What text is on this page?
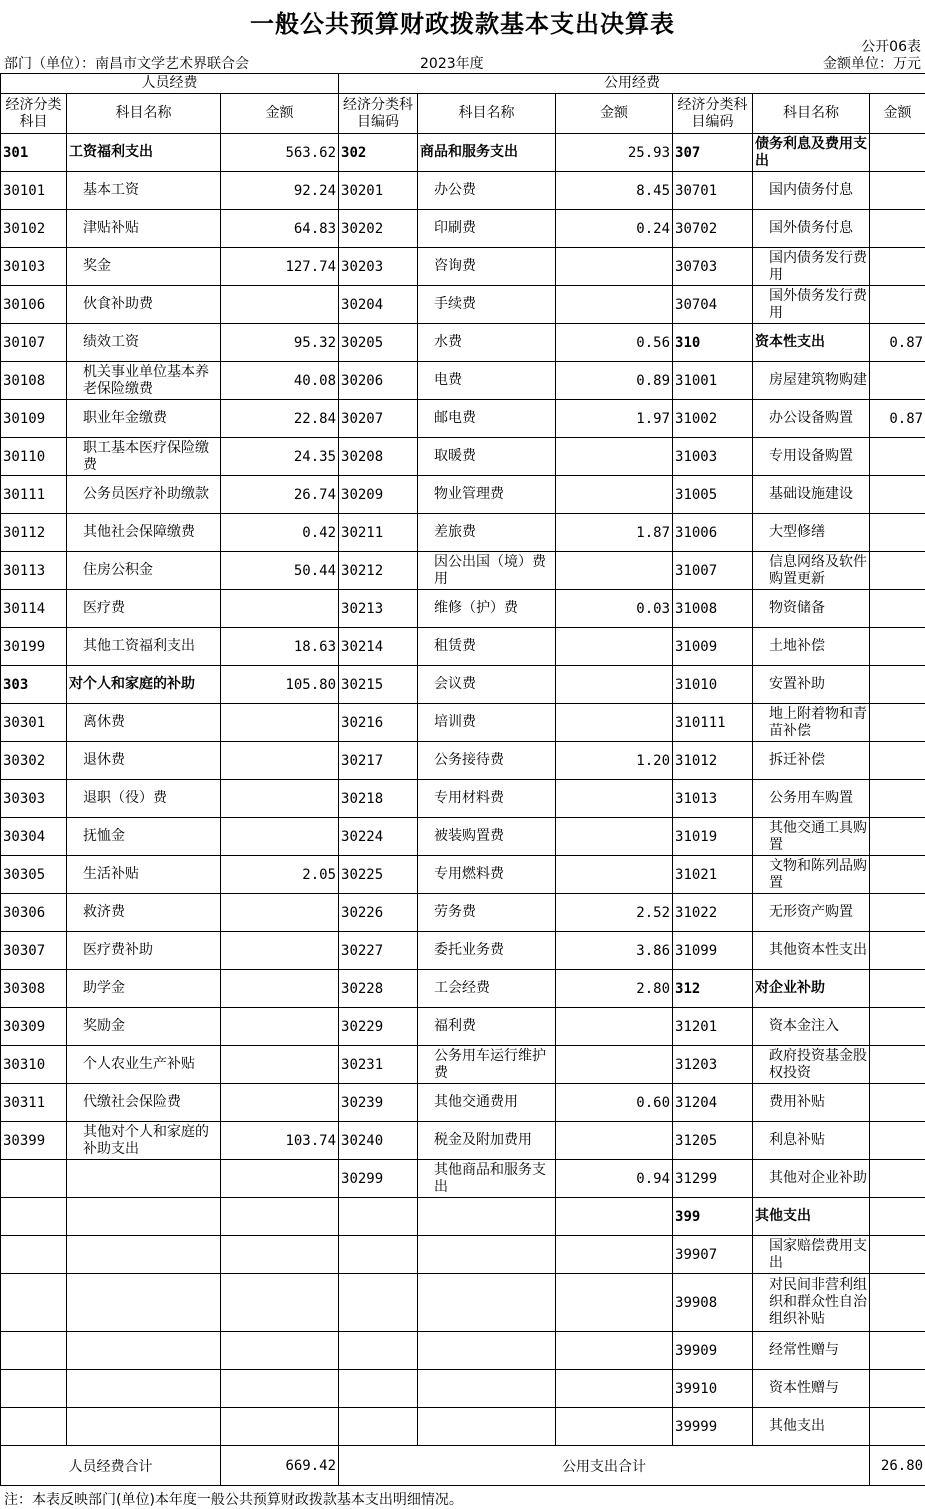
一般公共预算财政拨款基本支出决算表
公开06表
部门（单位）：南昌市文学艺术界联合会	2023年度	金额单位：万元
人员经费			公用经费					
经济分类科目	科目名称	金额	经济分类科目编码	科目名称	金额	经济分类科目编码	科目名称	金额
301	工资福利支出	563.62	302	商品和服务支出	25.93	307	债务利息及费用支出	
30101	基本工资	92.24	30201	办公费	8.45	30701	国内债务付息	
30102	津贴补贴	64.83	30202	印刷费	0.24	30702	国外债务付息	
30103	奖金	127.74	30203	咨询费		30703	国内债务发行费用	
30106	伙食补助费		30204	手续费		30704	国外债务发行费用	
30107	绩效工资	95.32	30205	水费	0.56	310	资本性支出	0.87
30108	机关事业单位基本养老保险缴费	40.08	30206	电费	0.89	31001	房屋建筑物购建	
30109	职业年金缴费	22.84	30207	邮电费	1.97	31002	办公设备购置	0.87
30110	职工基本医疗保险缴费	24.35	30208	取暖费		31003	专用设备购置	
30111	公务员医疗补助缴款	26.74	30209	物业管理费		31005	基础设施建设	
30112	其他社会保障缴费	0.42	30211	差旅费	1.87	31006	大型修缮	
30113	住房公积金	50.44	30212	因公出国（境）费用		31007	信息网络及软件购置更新	
30114	医疗费		30213	维修（护）费	0.03	31008	物资储备	
30199	其他工资福利支出	18.63	30214	租赁费		31009	土地补偿	
303	对个人和家庭的补助	105.80	30215	会议费		31010	安置补助	
30301	离休费		30216	培训费		310111	地上附着物和青苗补偿	
30302	退休费		30217	公务接待费	1.20	31012	拆迁补偿	
30303	退职（役）费		30218	专用材料费		31013	公务用车购置	
30304	抚恤金		30224	被装购置费		31019	其他交通工具购置	
30305	生活补贴	2.05	30225	专用燃料费		31021	文物和陈列品购置	
30306	救济费		30226	劳务费	2.52	31022	无形资产购置	
30307	医疗费补助		30227	委托业务费	3.86	31099	其他资本性支出	
30308	助学金		30228	工会经费	2.80	312	对企业补助	
30309	奖励金		30229	福利费		31201	资本金注入	
30310	个人农业生产补贴		30231	公务用车运行维护费		31203	政府投资基金股权投资	
30311	代缴社会保险费		30239	其他交通费用	0.60	31204	费用补贴	
30399	其他对个人和家庭的补助支出	103.74	30240	税金及附加费用		31205	利息补贴	
			30299	其他商品和服务支出	0.94	31299	其他对企业补助	
						399	其他支出	
						39907	国家赔偿费用支出	
						39908	对民间非营利组织和群众性自治组织补贴	
						39909	经常性赠与	
						39910	资本性赠与	
						39999	其他支出	
人员经费合计		669.42	公用支出合计					26.80
注：本表反映部门(单位)本年度一般公共预算财政拨款基本支出明细情况。
